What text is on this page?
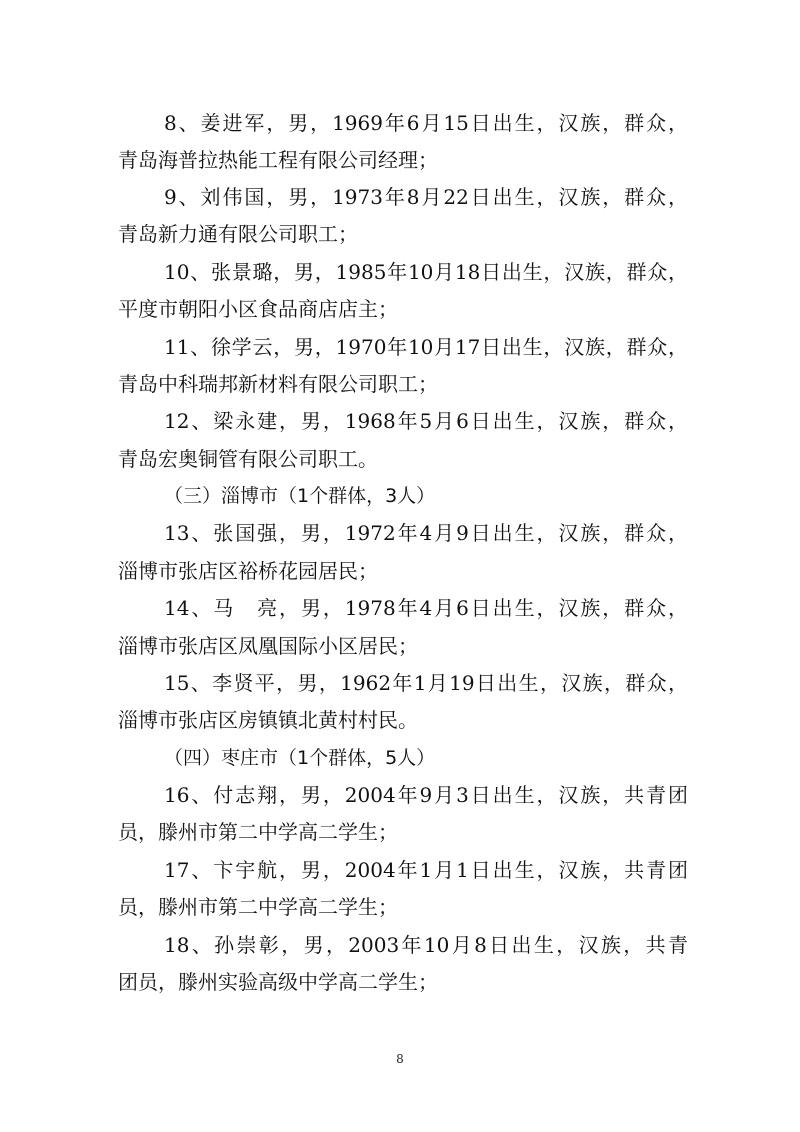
8、姜进军，男，1969年6月15日出生，汉族，群众，
青岛海普拉热能工程有限公司经理；
9、刘伟国，男，1973年8月22日出生，汉族，群众，
青岛新力通有限公司职工；
10、张景璐，男，1985年10月18日出生，汉族，群众，
平度市朝阳小区食品商店店主；
11、徐学云，男，1970年10月17日出生，汉族，群众，
青岛中科瑞邦新材料有限公司职工；
12、梁永建，男，1968年5月6日出生，汉族，群众，
青岛宏奥铜管有限公司职工。
（三）淄博市（1个群体，3人）
13、张国强，男，1972年4月9日出生，汉族，群众，
淄博市张店区裕桥花园居民；
14、马　亮，男，1978年4月6日出生，汉族，群众，
淄博市张店区凤凰国际小区居民；
15、李贤平，男，1962年1月19日出生，汉族，群众，
淄博市张店区房镇镇北黄村村民。
（四）枣庄市（1个群体，5人）
16、付志翔，男，2004年9月3日出生，汉族，共青团
员，滕州市第二中学高二学生；
17、卞宇航，男，2004年1月1日出生，汉族，共青团
员，滕州市第二中学高二学生；
18、孙崇彰，男，2003年10月8日出生，汉族，共青
团员，滕州实验高级中学高二学生；
8
